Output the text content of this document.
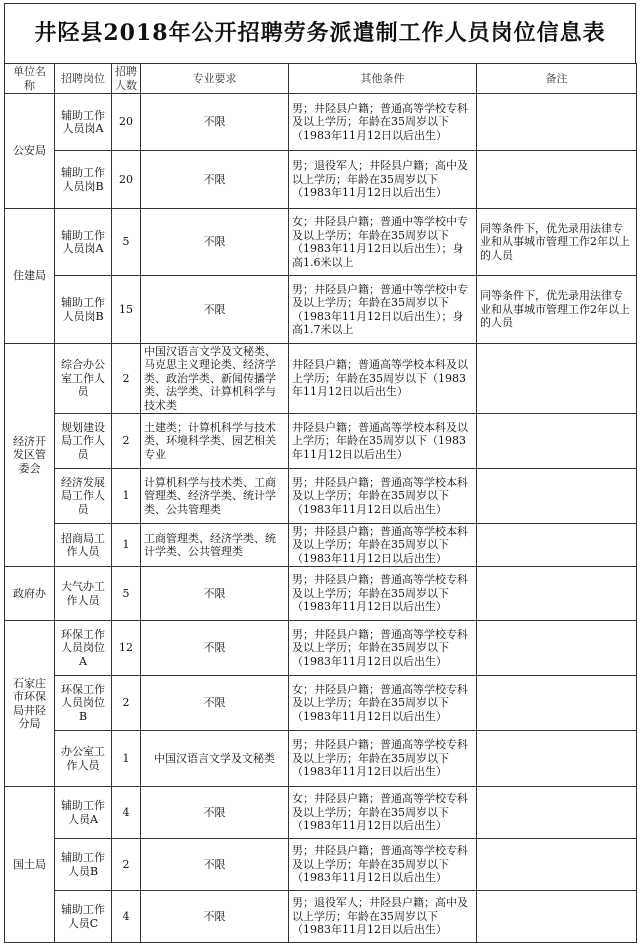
井陉县2018年公开招聘劳务派遣制工作人员岗位信息表
单位名称	招聘岗位	招聘人数	专业要求	其他条件	备注
公安局	辅助工作人员岗A	20	不限	男；井陉县户籍；普通高等学校专科及以上学历；年龄在35周岁以下（1983年11月12日以后出生）	
	辅助工作人员岗B	20	不限	男；退役军人；井陉县户籍；高中及以上学历；年龄在35周岁以下（1983年11月12日以后出生）	
住建局	辅助工作人员岗A	5	不限	女；井陉县户籍；普通中等学校中专及以上学历；年龄在35周岁以下（1983年11月12日以后出生）；身高1.6米以上	同等条件下，优先录用法律专业和从事城市管理工作2年以上的人员
	辅助工作人员岗B	15	不限	男；井陉县户籍；普通中等学校中专及以上学历；年龄在35周岁以下（1983年11月12日以后出生）；身高1.7米以上	同等条件下，优先录用法律专业和从事城市管理工作2年以上的人员
经济开发区管委会	综合办公室工作人员	2	中国汉语言文学及文秘类、马克思主义理论类、经济学类、政治学类、新闻传播学类、法学类、计算机科学与技术类	井陉县户籍；普通高等学校本科及以上学历；年龄在35周岁以下（1983年11月12日以后出生）	
	规划建设局工作人员	2	土建类；计算机科学与技术类、环境科学类、园艺相关专业	井陉县户籍；普通高等学校本科及以上学历；年龄在35周岁以下（1983年11月12日以后出生）	
	经济发展局工作人员	1	计算机科学与技术类、工商管理类、经济学类、统计学类、公共管理类	男；井陉县户籍；普通高等学校本科及以上学历；年龄在35周岁以下（1983年11月12日以后出生）	
	招商局工作人员	1	工商管理类、经济学类、统计学类、公共管理类	男；井陉县户籍；普通高等学校本科及以上学历；年龄在35周岁以下（1983年11月12日以后出生）	
政府办	大气办工作人员	5	不限	男；井陉县户籍；普通高等学校专科及以上学历；年龄在35周岁以下（1983年11月12日以后出生）	
石家庄市环保局井陉分局	环保工作人员岗位A	12	不限	男；井陉县户籍；普通高等学校专科及以上学历；年龄在35周岁以下（1983年11月12日以后出生）	
	环保工作人员岗位B	2	不限	女；井陉县户籍；普通高等学校专科及以上学历；年龄在35周岁以下（1983年11月12日以后出生）	
	办公室工作人员	1	中国汉语言文学及文秘类	男；井陉县户籍；普通高等学校专科及以上学历；年龄在35周岁以下（1983年11月12日以后出生）	
国土局	辅助工作人员A	4	不限	女；井陉县户籍；普通高等学校专科及以上学历；年龄在35周岁以下（1983年11月12日以后出生）	
	辅助工作人员B	2	不限	男；井陉县户籍；普通高等学校专科及以上学历；年龄在35周岁以下（1983年11月12日以后出生）	
	辅助工作人员C	4	不限	男；退役军人；井陉县户籍；高中及以上学历；年龄在35周岁以下（1983年11月12日以后出生）	
